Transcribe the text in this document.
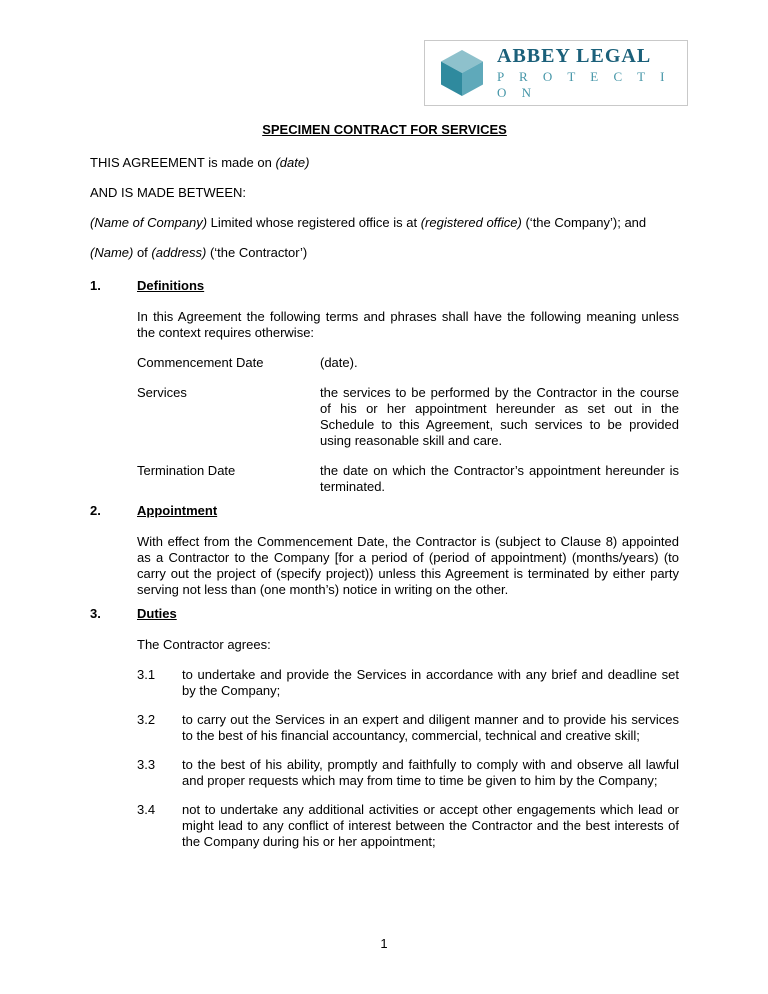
ABBEY LEGAL
P R O T E C T I O N
SPECIMEN CONTRACT FOR SERVICES

THIS AGREEMENT is made on (date)

AND IS MADE BETWEEN:

(Name of Company) Limited whose registered office is at (registered office) (‘the Company’); and

(Name) of (address) (‘the Contractor’)

1.	Definitions

In this Agreement the following terms and phrases shall have the following meaning unless the context requires otherwise:

Commencement Date	(date).
Services	the services to be performed by the Contractor in the course of his or her appointment hereunder as set out in the Schedule to this Agreement, such services to be provided using reasonable skill and care.
Termination Date	the date on which the Contractor’s appointment hereunder is terminated.
2.	Appointment

With effect from the Commencement Date, the Contractor is (subject to Clause 8) appointed as a Contractor to the Company [for a period of (period of appointment) (months/years) (to carry out the project of (specify project)) unless this Agreement is terminated by either party serving not less than (one month’s) notice in writing on the other.

3.	Duties

The Contractor agrees:

3.1	to undertake and provide the Services in accordance with any brief and deadline set by the Company;
3.2	to carry out the Services in an expert and diligent manner and to provide his services to the best of his financial accountancy, commercial, technical and creative skill;
3.3	to the best of his ability, promptly and faithfully to comply with and observe all lawful and proper requests which may from time to time be given to him by the Company;
3.4	not to undertake any additional activities or accept other engagements which lead or might lead to any conflict of interest between the Contractor and the best interests of the Company during his or her appointment;
1
